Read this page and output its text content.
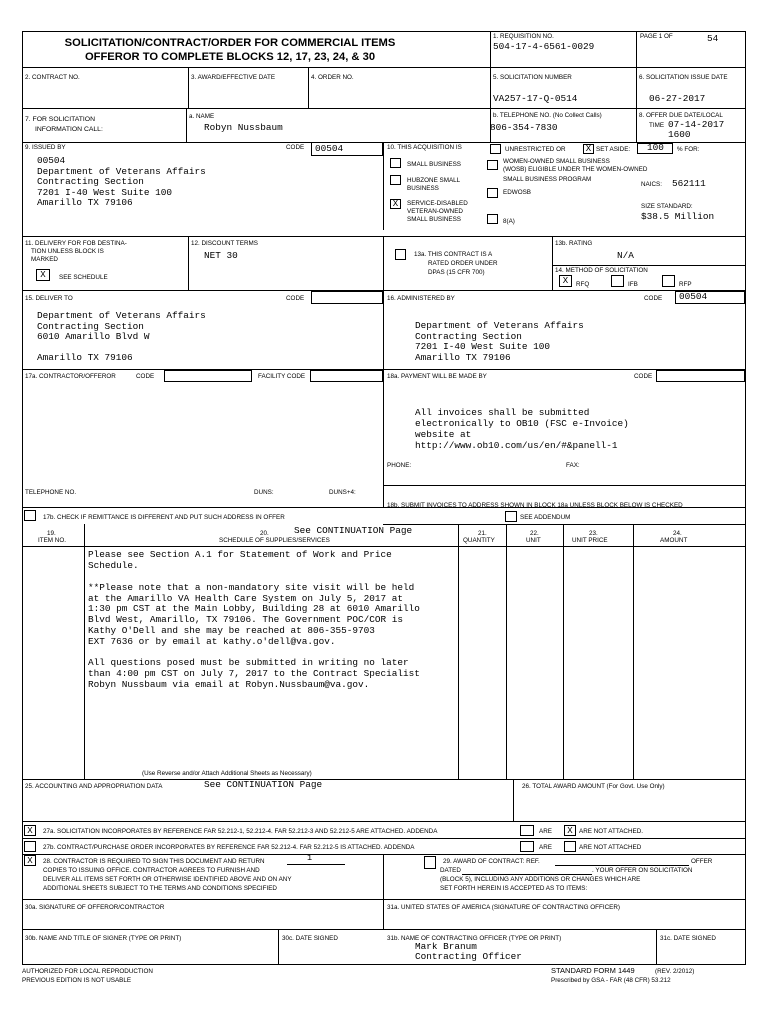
SOLICITATION/CONTRACT/ORDER FOR COMMERCIAL ITEMS
OFFEROR TO COMPLETE BLOCKS 12, 17, 23, 24, & 30
1. REQUISITION NO.
504-17-4-6561-0029
PAGE 1 OF	54
2. CONTRACT NO.	3. AWARD/EFFECTIVE DATE	4. ORDER NO.	5. SOLICITATION NUMBER
VA257-17-Q-0514
6. SOLICITATION ISSUE DATE
06-27-2017
7. FOR SOLICITATION
INFORMATION CALL:
a. NAME
Robyn Nussbaum
b. TELEPHONE NO. (No Collect Calls)
806-354-7830
8. OFFER DUE DATE/LOCAL
TIME 07-14-2017
1600
9. ISSUED BY	CODE 00504
00504
Department of Veterans Affairs
Contracting Section
7201 I-40 West Suite 100
Amarillo TX 79106
10. THIS ACQUISITION IS	UNRESTRICTED OR	X SET ASIDE: 100 % FOR:
SMALL BUSINESS
HUBZONE SMALL
BUSINESS
X	SERVICE-DISABLED
VETERAN-OWNED
SMALL BUSINESS
WOMEN-OWNED SMALL BUSINESS
(WOSB) ELIGIBLE UNDER THE WOMEN-OWNED
SMALL BUSINESS PROGRAM
EDWOSB
8(A)
NAICS: 562111
SIZE STANDARD:
$38.5 Million
11. DELIVERY FOR FOB DESTINA-
TION UNLESS BLOCK IS
MARKED
X	SEE SCHEDULE
12. DISCOUNT TERMS
NET 30	13a. THIS CONTRACT IS A
RATED ORDER UNDER
DPAS (15 CFR 700)
13b. RATING
N/A
14. METHOD OF SOLICITATION
X	RFQ	IFB	RFP
15. DELIVER TO	CODE
Department of Veterans Affairs
Contracting Section
6010 Amarillo Blvd W
Amarillo TX 79106
16. ADMINISTERED BY	CODE 00504
Department of Veterans Affairs
Contracting Section
7201 I-40 West Suite 100
Amarillo TX 79106
17a. CONTRACTOR/OFFEROR	CODE	FACILITY CODE
TELEPHONE NO.	DUNS:	DUNS+4:
17b. CHECK IF REMITTANCE IS DIFFERENT AND PUT SUCH ADDRESS IN OFFER
18a. PAYMENT WILL BE MADE BY	CODE
All invoices shall be submitted
electronically to OB10 (FSC e-Invoice)
website at
http://www.ob10.com/us/en/#&panell-1
PHONE:	FAX:
18b. SUBMIT INVOICES TO ADDRESS SHOWN IN BLOCK 18a UNLESS BLOCK BELOW IS CHECKED
SEE ADDENDUM
19.
ITEM NO.
20.	See CONTINUATION Page
SCHEDULE OF SUPPLIES/SERVICES
21.
QUANTITY
22.
UNIT
23.
UNIT PRICE
24.
AMOUNT
Please see Section A.1 for Statement of Work and Price
Schedule.
**Please note that a non-mandatory site visit will be held
at the Amarillo VA Health Care System on July 5, 2017 at
1:30 pm CST at the Main Lobby, Building 28 at 6010 Amarillo
Blvd West, Amarillo, TX 79106. The Government POC/COR is
Kathy O'Dell and she may be reached at 806-355-9703
EXT 7636 or by email at kathy.o'dell@va.gov.
All questions posed must be submitted in writing no later
than 4:00 pm CST on July 7, 2017 to the Contract Specialist
Robyn Nussbaum via email at Robyn.Nussbaum@va.gov.
(Use Reverse and/or Attach Additional Sheets as Necessary)
25. ACCOUNTING AND APPROPRIATION DATA	See CONTINUATION Page	26. TOTAL AWARD AMOUNT (For Govt. Use Only)
X	27a. SOLICITATION INCORPORATES BY REFERENCE FAR 52.212-1, 52.212-4. FAR 52.212-3 AND 52.212-5 ARE ATTACHED. ADDENDA	ARE	X ARE NOT ATTACHED.
27b. CONTRACT/PURCHASE ORDER INCORPORATES BY REFERENCE FAR 52.212-4. FAR 52.212-5 IS ATTACHED. ADDENDA	ARE	ARE NOT ATTACHED
X	28. CONTRACTOR IS REQUIRED TO SIGN THIS DOCUMENT AND RETURN	1
COPIES TO ISSUING OFFICE. CONTRACTOR AGREES TO FURNISH AND
DELIVER ALL ITEMS SET FORTH OR OTHERWISE IDENTIFIED ABOVE AND ON ANY
ADDITIONAL SHEETS SUBJECT TO THE TERMS AND CONDITIONS SPECIFIED
29. AWARD OF CONTRACT: REF.	OFFER
DATED	. YOUR OFFER ON SOLICITATION
(BLOCK 5), INCLUDING ANY ADDITIONS OR CHANGES WHICH ARE
SET FORTH HEREIN IS ACCEPTED AS TO ITEMS:
30a. SIGNATURE OF OFFEROR/CONTRACTOR	31a. UNITED STATES OF AMERICA (SIGNATURE OF CONTRACTING OFFICER)
30b. NAME AND TITLE OF SIGNER (TYPE OR PRINT)	30c. DATE SIGNED	31b. NAME OF CONTRACTING OFFICER (TYPE OR PRINT)	31c. DATE SIGNED
Mark Branum
Contracting Officer
AUTHORIZED FOR LOCAL REPRODUCTION
PREVIOUS EDITION IS NOT USABLE
STANDARD FORM 1449	(REV. 2/2012)
Prescribed by GSA - FAR (48 CFR) 53.212
